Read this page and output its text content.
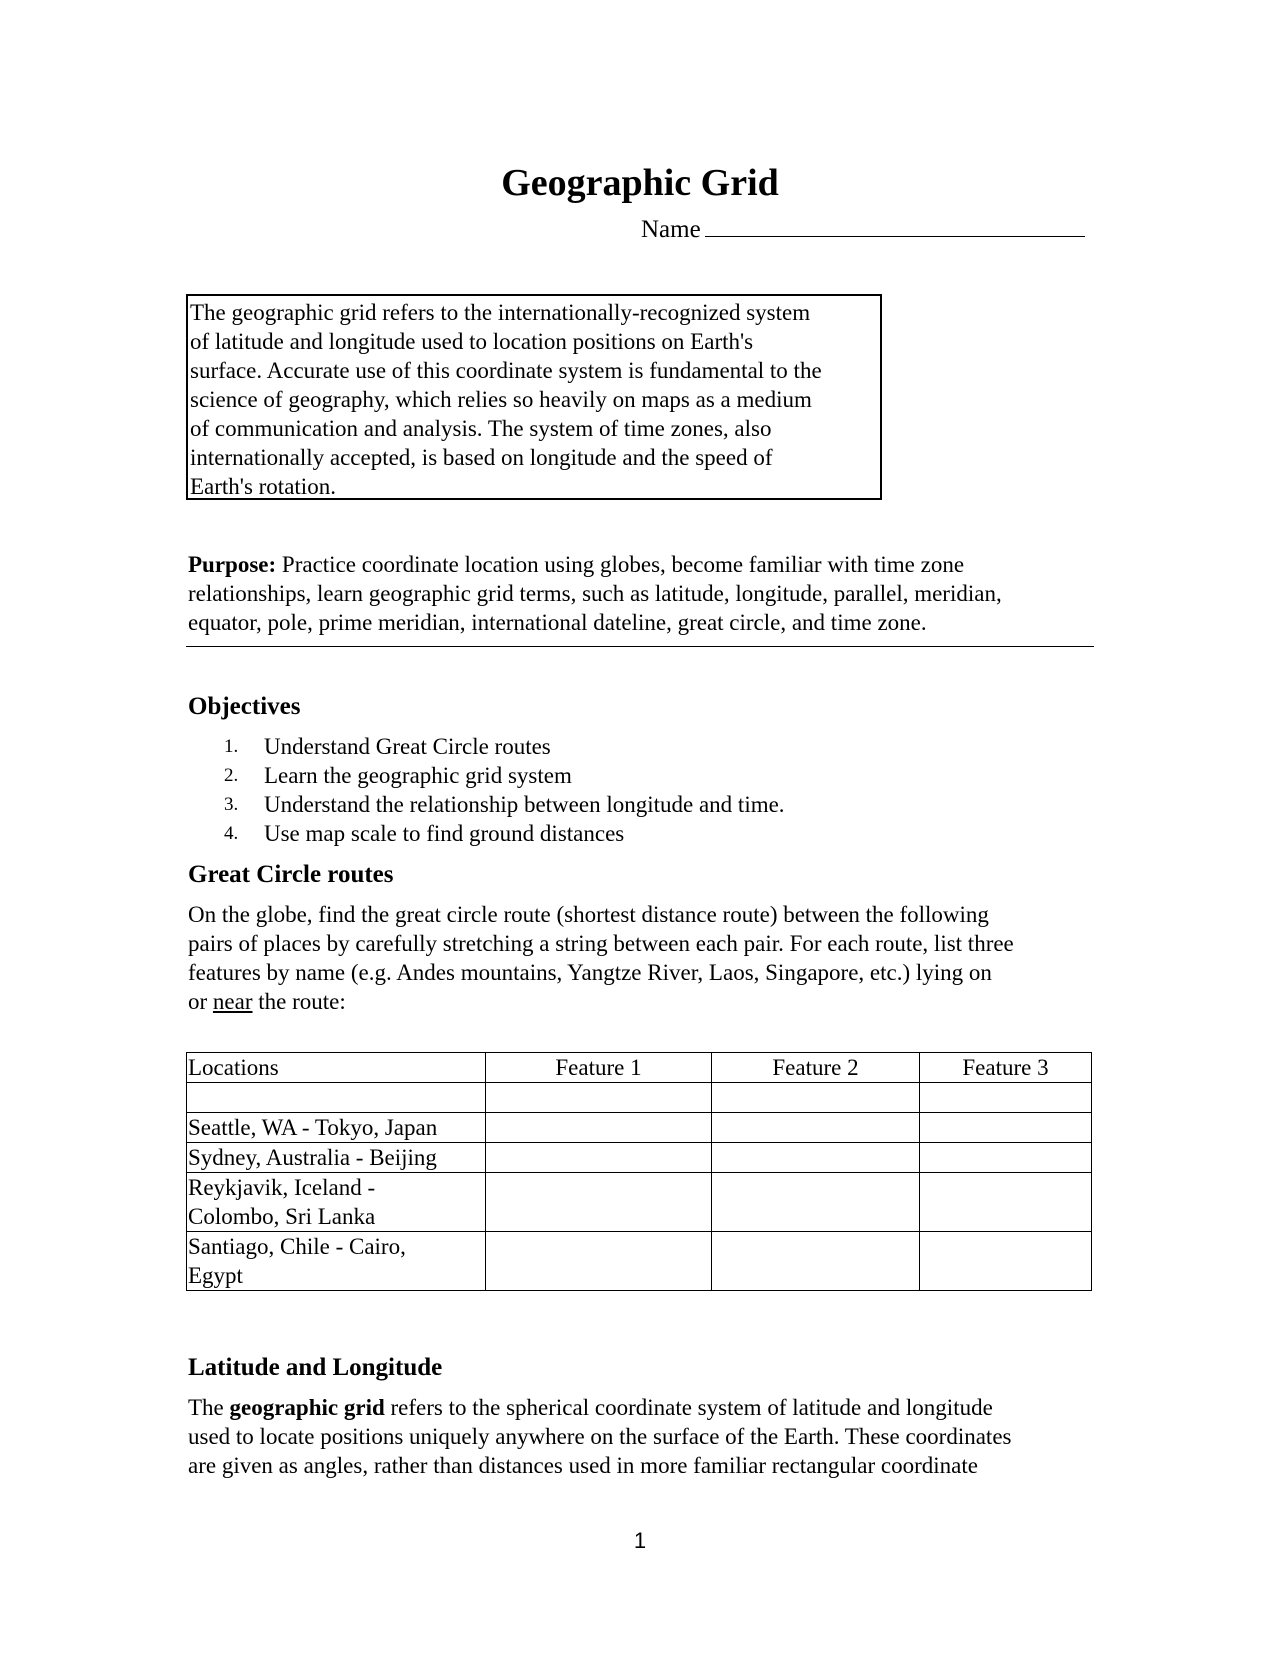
Geographic Grid
Name
The geographic grid refers to the internationally-recognized system
of latitude and longitude used to location positions on Earth's
surface. Accurate use of this coordinate system is fundamental to the
science of geography, which relies so heavily on maps as a medium
of communication and analysis. The system of time zones, also
internationally accepted, is based on longitude and the speed of
Earth's rotation.
Purpose: Practice coordinate location using globes, become familiar with time zone
relationships, learn geographic grid terms, such as latitude, longitude, parallel, meridian,
equator, pole, prime meridian, international dateline, great circle, and time zone.
Objectives
1. Understand Great Circle routes
2. Learn the geographic grid system
3. Understand the relationship between longitude and time.
4. Use map scale to find ground distances
Great Circle routes
On the globe, find the great circle route (shortest distance route) between the following
pairs of places by carefully stretching a string between each pair. For each route, list three
features by name (e.g. Andes mountains, Yangtze River, Laos, Singapore, etc.) lying on
or near the route:
Locations	Feature 1	Feature 2	Feature 3

Seattle, WA - Tokyo, Japan			
Sydney, Australia - Beijing			

Reykjavik, Iceland -
Colombo, Sri Lanka			

Santiago, Chile - Cairo,
Egypt			

Latitude and Longitude
The geographic grid refers to the spherical coordinate system of latitude and longitude
used to locate positions uniquely anywhere on the surface of the Earth. These coordinates
are given as angles, rather than distances used in more familiar rectangular coordinate
1
